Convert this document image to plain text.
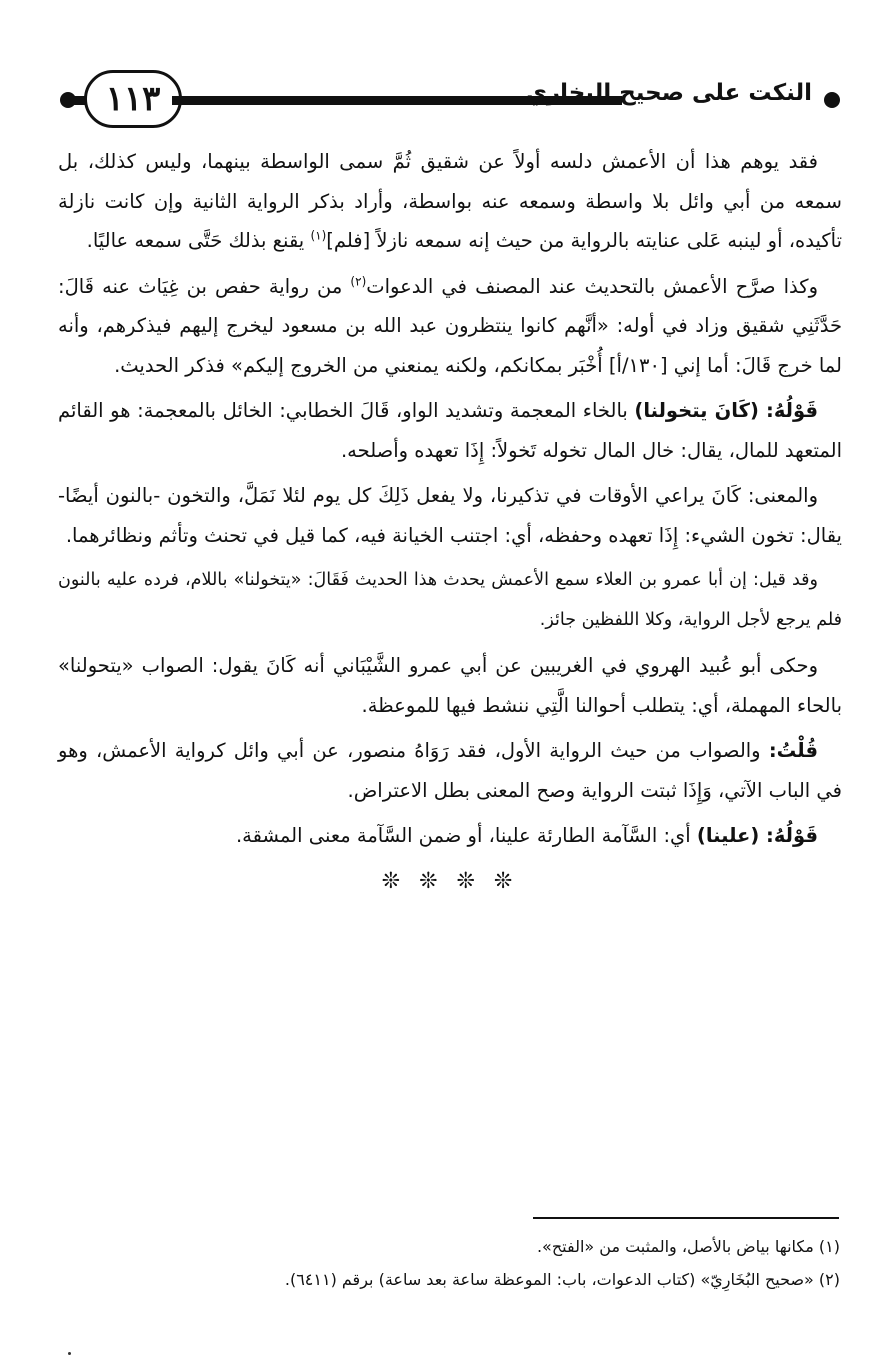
١١٣	النكت على صحيح البخاري

فقد يوهم هذا أن الأعمش دلسه أولاً عن شقيق ثُمَّ سمى الواسطة بينهما، وليس كذلك، بل سمعه من أبي وائل بلا واسطة وسمعه عنه بواسطة، وأراد بذكر الرواية الثانية وإن كانت نازلة تأكيده، أو لينبه عَلى عنايته بالرواية من حيث إنه سمعه نازلاً [فلم]$^{(١)}$ يقنع بذلك حَتَّى سمعه عاليًا.

وكذا صرَّح الأعمش بالتحديث عند المصنف في الدعوات$^{(٢)}$ من رواية حفص بن غِيَاث عنه قَالَ: حَدَّثَنِي شقيق وزاد في أوله: «أنَّهم كانوا ينتظرون عبد الله بن مسعود ليخرج إليهم فيذكرهم، وأنه لما خرج قَالَ: أما إني [١٣٠/أ] أُخْبَر بمكانكم، ولكنه يمنعني من الخروج إليكم» فذكر الحديث.

قَوْلُهُ: (كَانَ يتخولنا) بالخاء المعجمة وتشديد الواو، قَالَ الخطابي: الخائل بالمعجمة: هو القائم المتعهد للمال، يقال: خال المال تخوله تَخولاً: إِذَا تعهده وأصلحه.

والمعنى: كَانَ يراعي الأوقات في تذكيرنا، ولا يفعل ذَلِكَ كل يوم لئلا نَمَلَّ، والتخون -بالنون أيضًا- يقال: تخون الشيء: إِذَا تعهده وحفظه، أي: اجتنب الخيانة فيه، كما قيل في تحنث وتأثم ونظائرهما.

وقد قيل: إن أبا عمرو بن العلاء سمع الأعمش يحدث هذا الحديث فَقَالَ: «يتخولنا» باللام، فرده عليه بالنون فلم يرجع لأجل الرواية، وكلا اللفظين جائز.

وحكى أبو عُبيد الهروي في الغريبين عن أبي عمرو الشَّيْبَاني أنه كَانَ يقول: الصواب «يتحولنا» بالحاء المهملة، أي: يتطلب أحوالنا الَّتِي ننشط فيها للموعظة.

قُلْتُ: والصواب من حيث الرواية الأول، فقد رَوَاهُ منصور، عن أبي وائل كرواية الأعمش، وهو في الباب الآتي، وَإِذَا ثبتت الرواية وصح المعنى بطل الاعتراض.

قَوْلُهُ: (علينا) أي: السَّآمة الطارئة علينا، أو ضمن السَّآمة معنى المشقة.

❊ ❊ ❊ ❊

(١) مكانها بياض بالأصل، والمثبت من «الفتح».

(٢) «صحيح البُخَارِيّ» (كتاب الدعوات، باب: الموعظة ساعة بعد ساعة) برقم (٦٤١١).
